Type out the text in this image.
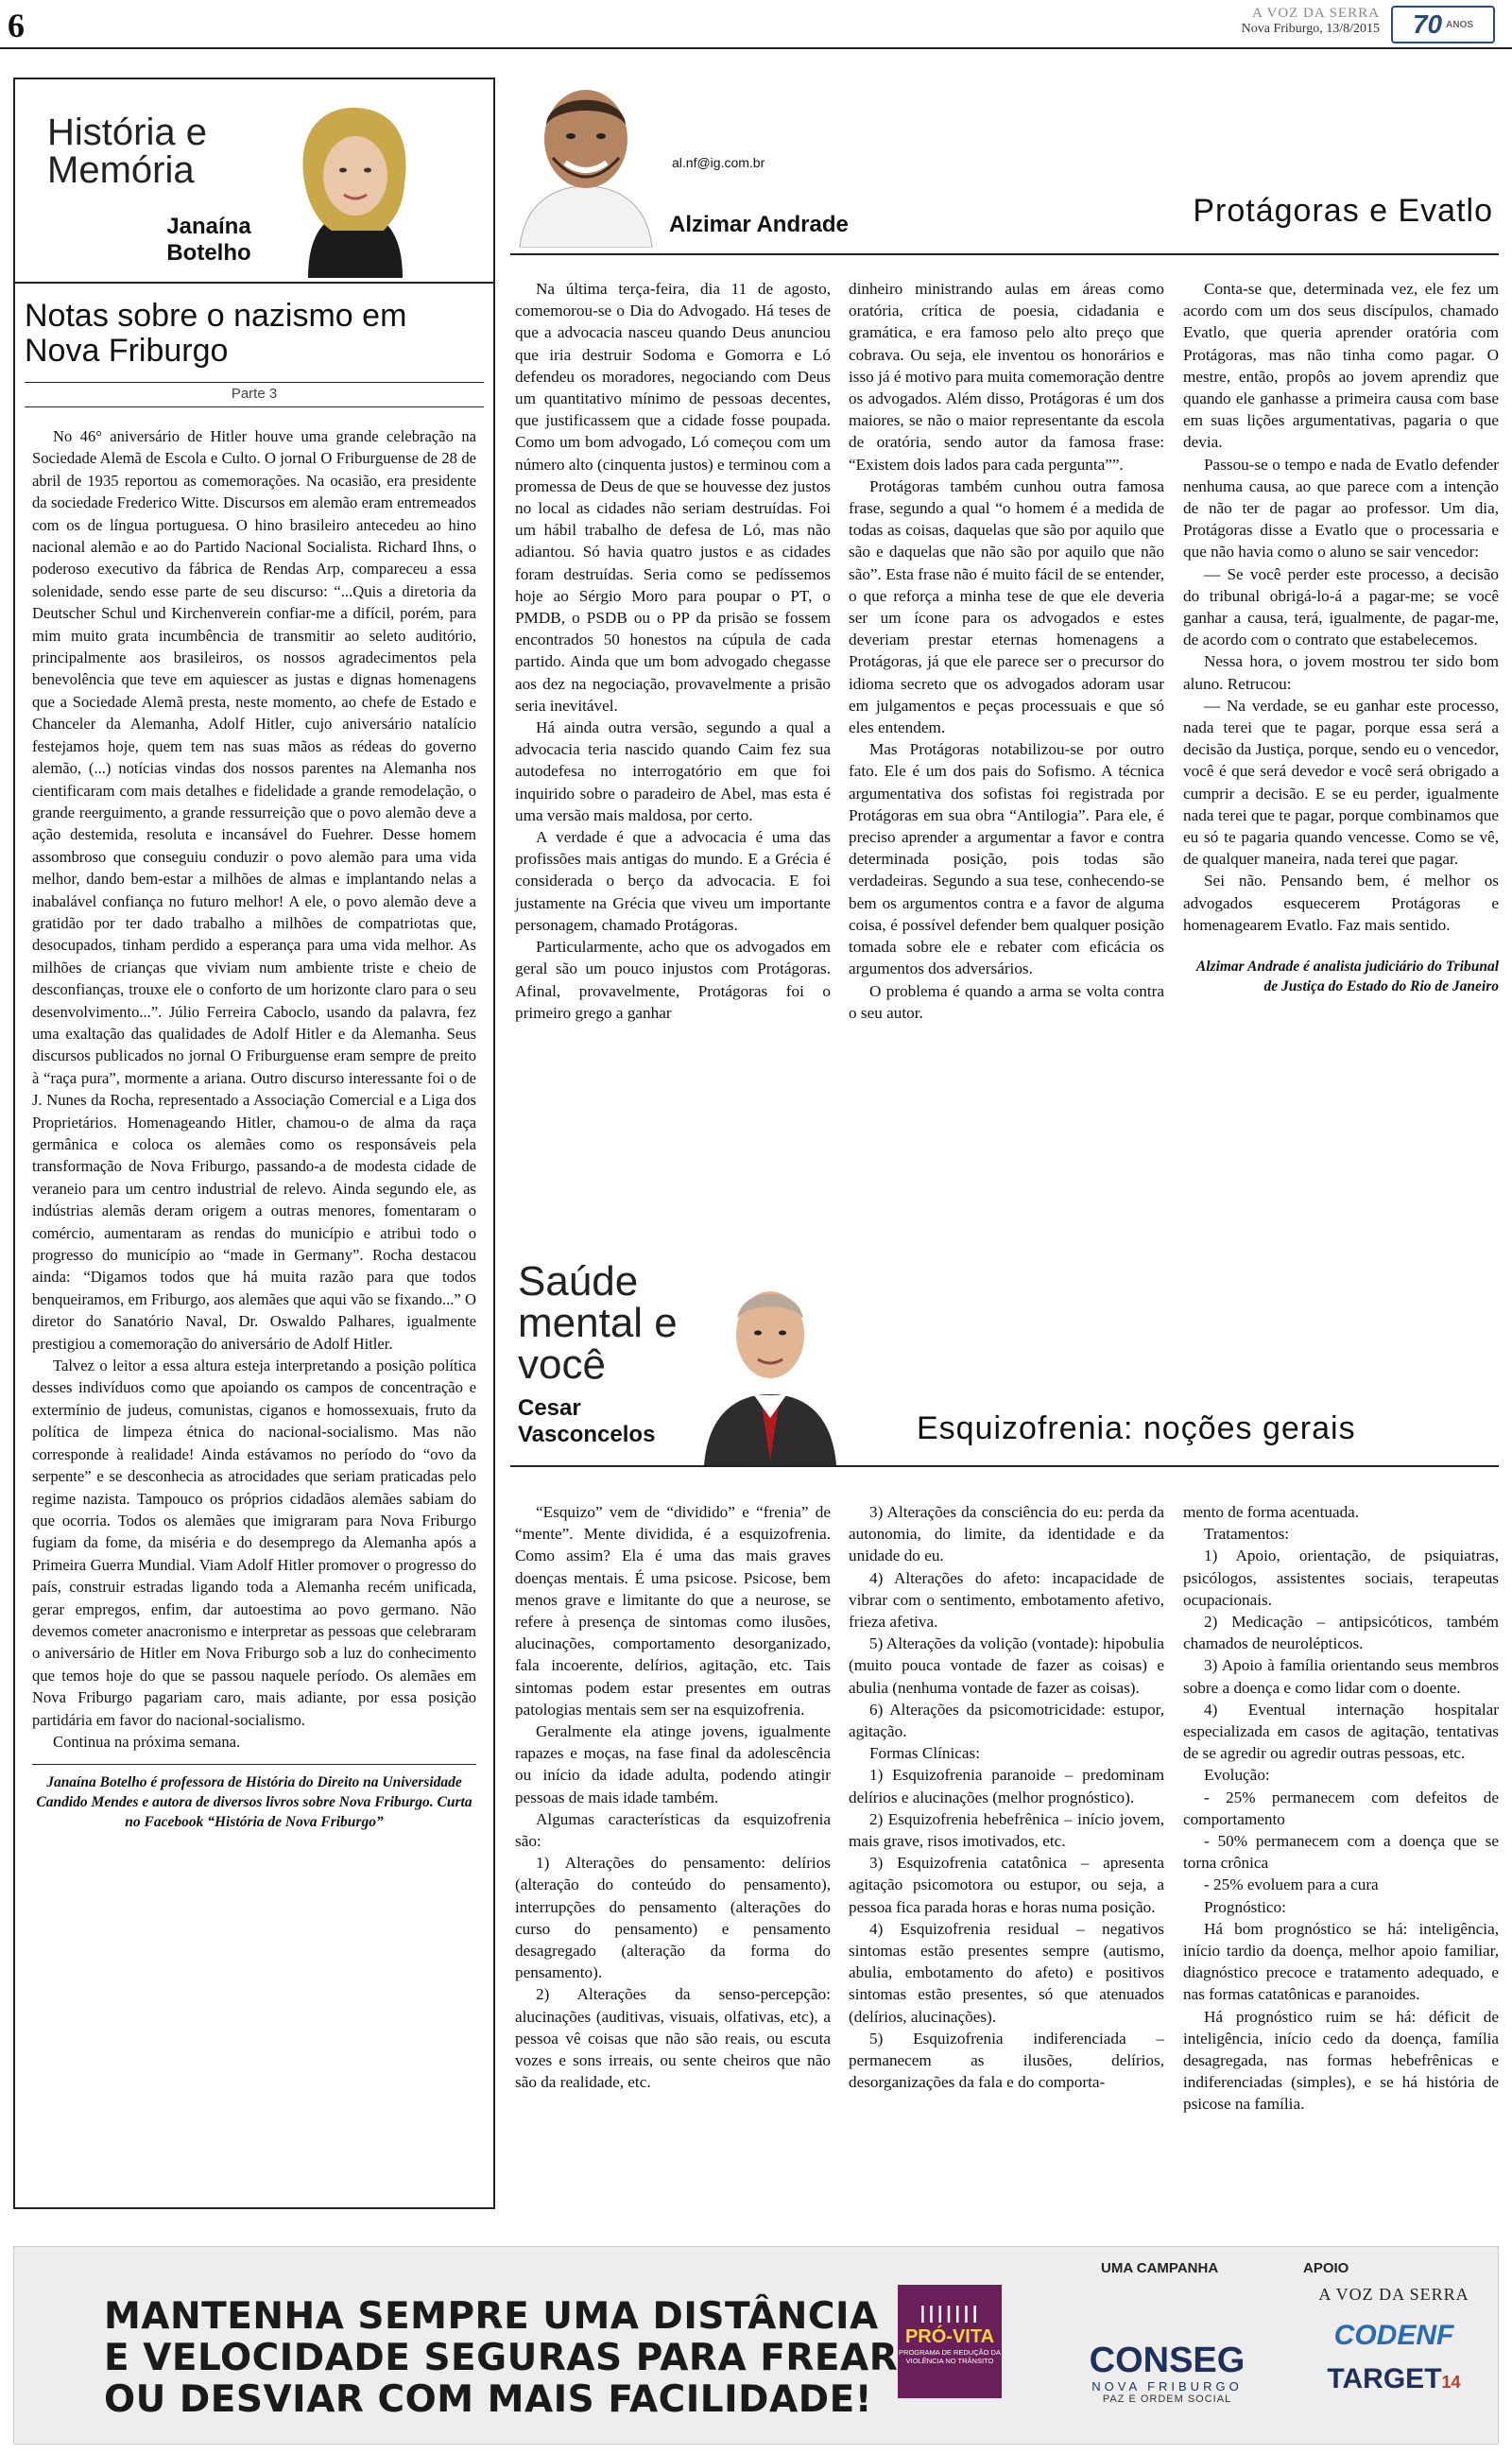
6	A VOZ DA SERRA
Nova Friburgo, 13/8/2015 70 ANOS
História e Memória
Janaína Botelho
Notas sobre o nazismo em Nova Friburgo
Parte 3

No 46° aniversário de Hitler houve uma grande celebração na Sociedade Alemã de Escola e Culto. O jornal O Friburguense de 28 de abril de 1935 reportou as comemorações. Na ocasião, era presidente da sociedade Frederico Witte. Discursos em alemão eram entremeados com os de língua portuguesa. O hino brasileiro antecedeu ao hino nacional alemão e ao do Partido Nacional Socialista. Richard Ihns, o poderoso executivo da fábrica de Rendas Arp, compareceu a essa solenidade, sendo esse parte de seu discurso: “...Quis a diretoria da Deutscher Schul und Kirchenverein confiar-me a difícil, porém, para mim muito grata incumbência de transmitir ao seleto auditório, principalmente aos brasileiros, os nossos agradecimentos pela benevolência que teve em aquiescer as justas e dignas homenagens que a Sociedade Alemã presta, neste momento, ao chefe de Estado e Chanceler da Alemanha, Adolf Hitler, cujo aniversário natalício festejamos hoje, quem tem nas suas mãos as rédeas do governo alemão, (...) notícias vindas dos nossos parentes na Alemanha nos cientificaram com mais detalhes e fidelidade a grande remodelação, o grande reerguimento, a grande ressurreição que o povo alemão deve a ação destemida, resoluta e incansável do Fuehrer. Desse homem assombroso que conseguiu conduzir o povo alemão para uma vida melhor, dando bem-estar a milhões de almas e implantando nelas a inabalável confiança no futuro melhor! A ele, o povo alemão deve a gratidão por ter dado trabalho a milhões de compatriotas que, desocupados, tinham perdido a esperança para uma vida melhor. As milhões de crianças que viviam num ambiente triste e cheio de desconfianças, trouxe ele o conforto de um horizonte claro para o seu desenvolvimento...”. Júlio Ferreira Caboclo, usando da palavra, fez uma exaltação das qualidades de Adolf Hitler e da Alemanha. Seus discursos publicados no jornal O Friburguense eram sempre de preito à “raça pura”, mormente a ariana. Outro discurso interessante foi o de J. Nunes da Rocha, representado a Associação Comercial e a Liga dos Proprietários. Homenageando Hitler, chamou-o de alma da raça germânica e coloca os alemães como os responsáveis pela transformação de Nova Friburgo, passando-a de modesta cidade de veraneio para um centro industrial de relevo. Ainda segundo ele, as indústrias alemãs deram origem a outras menores, fomentaram o comércio, aumentaram as rendas do município e atribui todo o progresso do município ao “made in Germany”. Rocha destacou ainda: “Digamos todos que há muita razão para que todos benqueiramos, em Friburgo, aos alemães que aqui vão se fixando...” O diretor do Sanatório Naval, Dr. Oswaldo Palhares, igualmente prestigiou a comemoração do aniversário de Adolf Hitler.

Talvez o leitor a essa altura esteja interpretando a posição política desses indivíduos como que apoiando os campos de concentração e extermínio de judeus, comunistas, ciganos e homossexuais, fruto da política de limpeza étnica do nacional-socialismo. Mas não corresponde à realidade! Ainda estávamos no período do “ovo da serpente” e se desconhecia as atrocidades que seriam praticadas pelo regime nazista. Tampouco os próprios cidadãos alemães sabiam do que ocorria. Todos os alemães que imigraram para Nova Friburgo fugiam da fome, da miséria e do desemprego da Alemanha após a Primeira Guerra Mundial. Viam Adolf Hitler promover o progresso do país, construir estradas ligando toda a Alemanha recém unificada, gerar empregos, enfim, dar autoestima ao povo germano. Não devemos cometer anacronismo e interpretar as pessoas que celebraram o aniversário de Hitler em Nova Friburgo sob a luz do conhecimento que temos hoje do que se passou naquele período. Os alemães em Nova Friburgo pagariam caro, mais adiante, por essa posição partidária em favor do nacional-socialismo.

Continua na próxima semana.

Janaína Botelho é professora de História do Direito na Universidade Candido Mendes e autora de diversos livros sobre Nova Friburgo. Curta no Facebook “História de Nova Friburgo”
al.nf@ig.com.br
Alzimar Andrade	Protágoras e Evatlo

Na última terça-feira, dia 11 de agosto, comemorou-se o Dia do Advogado. Há teses de que a advocacia nasceu quando Deus anunciou que iria destruir Sodoma e Gomorra e Ló defendeu os moradores, negociando com Deus um quantitativo mínimo de pessoas decentes, que justificassem que a cidade fosse poupada. Como um bom advogado, Ló começou com um número alto (cinquenta justos) e terminou com a promessa de Deus de que se houvesse dez justos no local as cidades não seriam destruídas. Foi um hábil trabalho de defesa de Ló, mas não adiantou. Só havia quatro justos e as cidades foram destruídas. Seria como se pedíssemos hoje ao Sérgio Moro para poupar o PT, o PMDB, o PSDB ou o PP da prisão se fossem encontrados 50 honestos na cúpula de cada partido. Ainda que um bom advogado chegasse aos dez na negociação, provavelmente a prisão seria inevitável.

Há ainda outra versão, segundo a qual a advocacia teria nascido quando Caim fez sua autodefesa no interrogatório em que foi inquirido sobre o paradeiro de Abel, mas esta é uma versão mais maldosa, por certo.

A verdade é que a advocacia é uma das profissões mais antigas do mundo. E a Grécia é considerada o berço da advocacia. E foi justamente na Grécia que viveu um importante personagem, chamado Protágoras.

Particularmente, acho que os advogados em geral são um pouco injustos com Protágoras. Afinal, provavelmente, Protágoras foi o primeiro grego a ganhar

dinheiro ministrando aulas em áreas como oratória, crítica de poesia, cidadania e gramática, e era famoso pelo alto preço que cobrava. Ou seja, ele inventou os honorários e isso já é motivo para muita comemoração dentre os advogados. Além disso, Protágoras é um dos maiores, se não o maior representante da escola de oratória, sendo autor da famosa frase: “Existem dois lados para cada pergunta””.

Protágoras também cunhou outra famosa frase, segundo a qual “o homem é a medida de todas as coisas, daquelas que são por aquilo que são e daquelas que não são por aquilo que não são”. Esta frase não é muito fácil de se entender, o que reforça a minha tese de que ele deveria ser um ícone para os advogados e estes deveriam prestar eternas homenagens a Protágoras, já que ele parece ser o precursor do idioma secreto que os advogados adoram usar em julgamentos e peças processuais e que só eles entendem.

Mas Protágoras notabilizou-se por outro fato. Ele é um dos pais do Sofismo. A técnica argumentativa dos sofistas foi registrada por Protágoras em sua obra “Antilogia”. Para ele, é preciso aprender a argumentar a favor e contra determinada posição, pois todas são verdadeiras. Segundo a sua tese, conhecendo-se bem os argumentos contra e a favor de alguma coisa, é possível defender bem qualquer posição tomada sobre ele e rebater com eficácia os argumentos dos adversários.

O problema é quando a arma se volta contra o seu autor.

Conta-se que, determinada vez, ele fez um acordo com um dos seus discípulos, chamado Evatlo, que queria aprender oratória com Protágoras, mas não tinha como pagar. O mestre, então, propôs ao jovem aprendiz que quando ele ganhasse a primeira causa com base em suas lições argumentativas, pagaria o que devia.

Passou-se o tempo e nada de Evatlo defender nenhuma causa, ao que parece com a intenção de não ter de pagar ao professor. Um dia, Protágoras disse a Evatlo que o processaria e que não havia como o aluno se sair vencedor:

— Se você perder este processo, a decisão do tribunal obrigá-lo-á a pagar-me; se você ganhar a causa, terá, igualmente, de pagar-me, de acordo com o contrato que estabelecemos.

Nessa hora, o jovem mostrou ter sido bom aluno. Retrucou:

— Na verdade, se eu ganhar este processo, nada terei que te pagar, porque essa será a decisão da Justiça, porque, sendo eu o vencedor, você é que será devedor e você será obrigado a cumprir a decisão. E se eu perder, igualmente nada terei que te pagar, porque combinamos que eu só te pagaria quando vencesse. Como se vê, de qualquer maneira, nada terei que pagar.

Sei não. Pensando bem, é melhor os advogados esquecerem Protágoras e homenagearem Evatlo. Faz mais sentido.

Alzimar Andrade é analista judiciário do Tribunal de Justiça do Estado do Rio de Janeiro
Saúde mental e você
Cesar Vasconcelos	Esquizofrenia: noções gerais

“Esquizo” vem de “dividido” e “frenia” de “mente”. Mente dividida, é a esquizofrenia. Como assim? Ela é uma das mais graves doenças mentais. É uma psicose. Psicose, bem menos grave e limitante do que a neurose, se refere à presença de sintomas como ilusões, alucinações, comportamento desorganizado, fala incoerente, delírios, agitação, etc. Tais sintomas podem estar presentes em outras patologias mentais sem ser na esquizofrenia.

Geralmente ela atinge jovens, igualmente rapazes e moças, na fase final da adolescência ou início da idade adulta, podendo atingir pessoas de mais idade também.

Algumas características da esquizofrenia são:

1) Alterações do pensamento: delírios (alteração do conteúdo do pensamento), interrupções do pensamento (alterações do curso do pensamento) e pensamento desagregado (alteração da forma do pensamento).

2) Alterações da senso-percepção: alucinações (auditivas, visuais, olfativas, etc), a pessoa vê coisas que não são reais, ou escuta vozes e sons irreais, ou sente cheiros que não são da realidade, etc.

3) Alterações da consciência do eu: perda da autonomia, do limite, da identidade e da unidade do eu.

4) Alterações do afeto: incapacidade de vibrar com o sentimento, embotamento afetivo, frieza afetiva.

5) Alterações da volição (vontade): hipobulia (muito pouca vontade de fazer as coisas) e abulia (nenhuma vontade de fazer as coisas).

6) Alterações da psicomotricidade: estupor, agitação.

Formas Clínicas:

1) Esquizofrenia paranoide – predominam delírios e alucinações (melhor prognóstico).

2) Esquizofrenia hebefrênica – início jovem, mais grave, risos imotivados, etc.

3) Esquizofrenia catatônica – apresenta agitação psicomotora ou estupor, ou seja, a pessoa fica parada horas e horas numa posição.

4) Esquizofrenia residual – negativos sintomas estão presentes sempre (autismo, abulia, embotamento do afeto) e positivos sintomas estão presentes, só que atenuados (delírios, alucinações).

5) Esquizofrenia indiferenciada – permanecem as ilusões, delírios, desorganizações da fala e do comporta-

mento de forma acentuada.

Tratamentos:

1) Apoio, orientação, de psiquiatras, psicólogos, assistentes sociais, terapeutas ocupacionais.

2) Medicação – antipsicóticos, também chamados de neurolépticos.

3) Apoio à família orientando seus membros sobre a doença e como lidar com o doente.

4) Eventual internação hospitalar especializada em casos de agitação, tentativas de se agredir ou agredir outras pessoas, etc.

Evolução:

- 25% permanecem com defeitos de comportamento

- 50% permanecem com a doença que se torna crônica

- 25% evoluem para a cura

Prognóstico:

Há bom prognóstico se há: inteligência, início tardio da doença, melhor apoio familiar, diagnóstico precoce e tratamento adequado, e nas formas catatônicas e paranoides.

Há prognóstico ruim se há: déficit de inteligência, início cedo da doença, família desagregada, nas formas hebefrênicas e indiferenciadas (simples), e se há história de psicose na família.

MANTENHA SEMPRE UMA DISTÂNCIA
E VELOCIDADE SEGURAS PARA FREAR
OU DESVIAR COM MAIS FACILIDADE!
IIIIIII
PRÓ-VITA
PROGRAMA DE REDUÇÃO DA VIOLÊNCIA NO TRÂNSITO
UMA CAMPANHA	APOIO
CONSEG
NOVA FRIBURGO
PAZ E ORDEM SOCIAL
A VOZ DA SERRA
CODENF
TARGET14
